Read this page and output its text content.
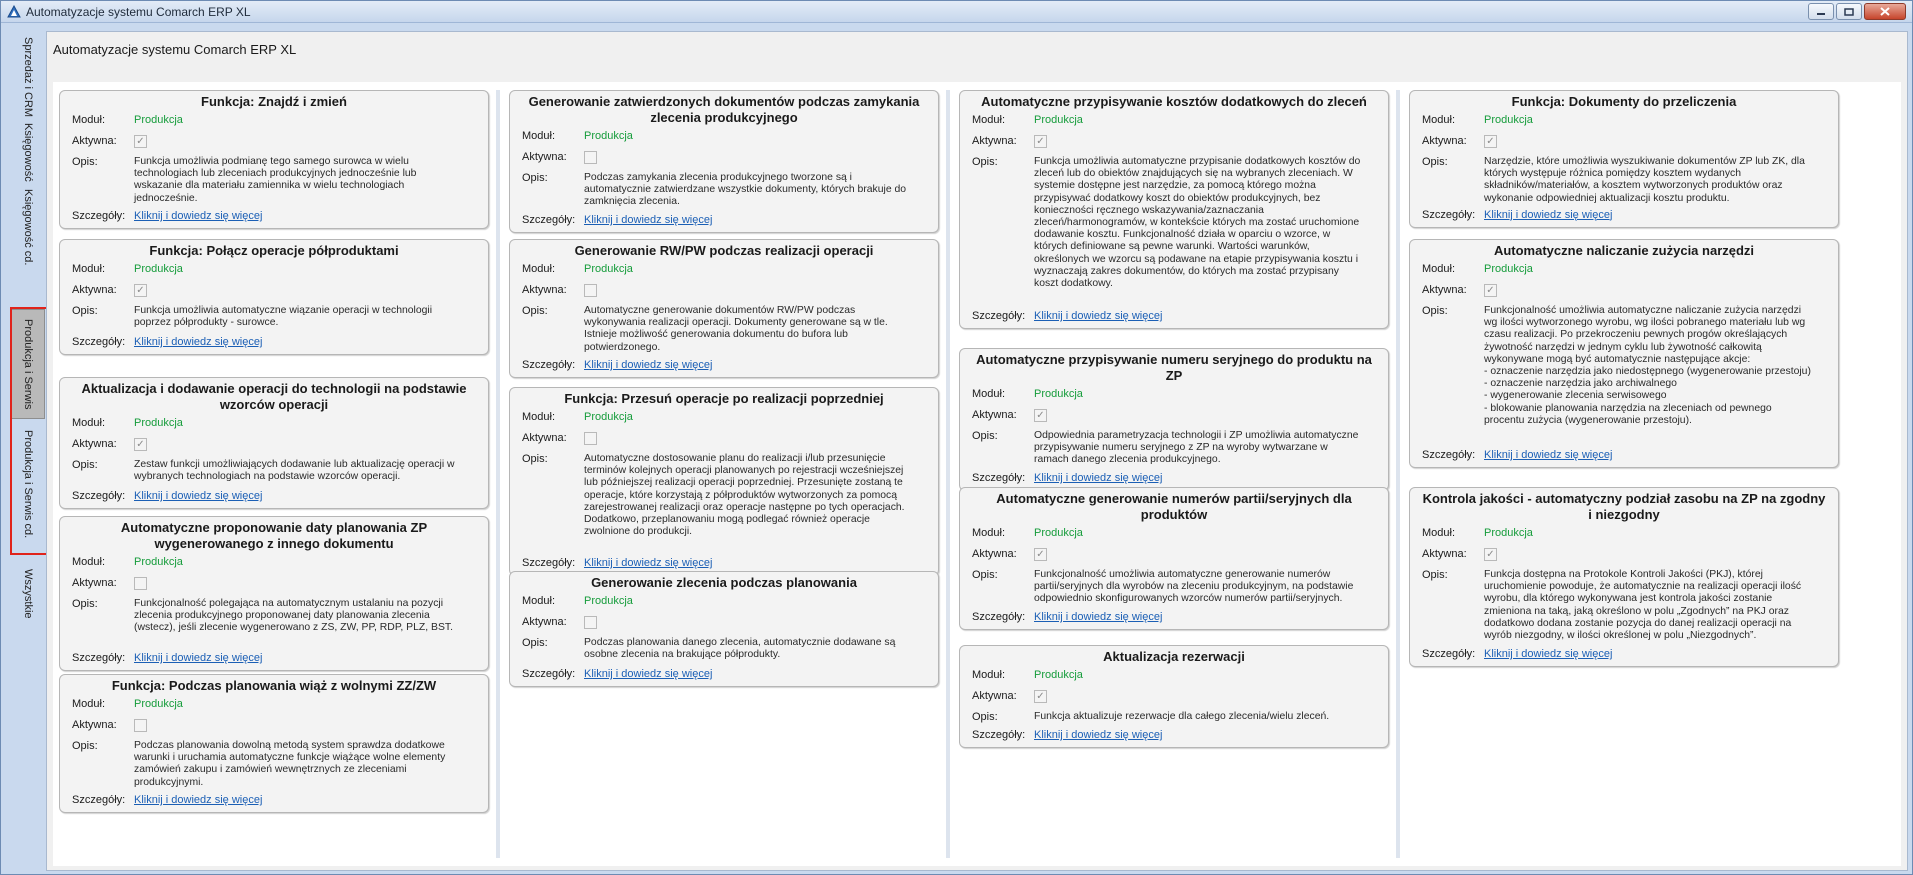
Automatyzacje systemu Comarch ERP XL
Sprzedaż i CRM
Księgowość
Księgowość cd.
Produkcja i Serwis
Produkcja i Serwis cd.
Wszystkie
Automatyzacje systemu Comarch ERP XL
Funkcja: Znajdź i zmień
Moduł:	Produkcja
Aktywna:	✓
Opis:	Funkcja umożliwia podmianę tego samego surowca w wielu technologiach lub zleceniach produkcyjnych jednocześnie lub wskazanie dla materiału zamiennika w wielu technologiach jednocześnie.
Szczegóły: Kliknij i dowiedz się więcej
Funkcja: Połącz operacje półproduktami
Moduł:	Produkcja
Aktywna:	✓
Opis:	Funkcja umożliwia automatyczne wiązanie operacji w technologii poprzez półprodukty - surowce.
Szczegóły: Kliknij i dowiedz się więcej
Aktualizacja i dodawanie operacji do technologii na podstawie wzorców operacji
Moduł:	Produkcja
Aktywna:	✓
Opis:	Zestaw funkcji umożliwiających dodawanie lub aktualizację operacji w wybranych technologiach na podstawie wzorców operacji.
Szczegóły: Kliknij i dowiedz się więcej
Automatyczne proponowanie daty planowania ZP wygenerowanego z innego dokumentu
Moduł:	Produkcja
Aktywna:
Opis:	Funkcjonalność polegająca na automatycznym ustalaniu na pozycji zlecenia produkcyjnego proponowanej daty planowania zlecenia (wstecz), jeśli zlecenie wygenerowano z ZS, ZW, PP, RDP, PLZ, BST.
Szczegóły: Kliknij i dowiedz się więcej
Funkcja: Podczas planowania wiąż z wolnymi ZZ/ZW
Moduł:	Produkcja
Aktywna:
Opis:	Podczas planowania dowolną metodą system sprawdza dodatkowe warunki i uruchamia automatyczne funkcje wiążące wolne elementy zamówień zakupu i zamówień wewnętrznych ze zleceniami produkcyjnymi.
Szczegóły: Kliknij i dowiedz się więcej
Generowanie zatwierdzonych dokumentów podczas zamykania zlecenia produkcyjnego
Moduł:	Produkcja
Aktywna:
Opis:	Podczas zamykania zlecenia produkcyjnego tworzone są i automatycznie zatwierdzane wszystkie dokumenty, których brakuje do zamknięcia zlecenia.
Szczegóły: Kliknij i dowiedz się więcej
Generowanie RW/PW podczas realizacji operacji
Moduł:	Produkcja
Aktywna:
Opis:	Automatyczne generowanie dokumentów RW/PW podczas wykonywania realizacji operacji. Dokumenty generowane są w tle. Istnieje możliwość generowania dokumentu do bufora lub potwierdzonego.
Szczegóły: Kliknij i dowiedz się więcej
Funkcja: Przesuń operacje po realizacji poprzedniej
Moduł:	Produkcja
Aktywna:
Opis:	Automatyczne dostosowanie planu do realizacji i/lub przesunięcie terminów kolejnych operacji planowanych po rejestracji wcześniejszej lub późniejszej realizacji operacji poprzedniej. Przesunięte zostaną te operacje, które korzystają z półproduktów wytworzonych za pomocą zarejestrowanej realizacji oraz operacje następne po tych operacjach. Dodatkowo, przeplanowaniu mogą podlegać również operacje zwolnione do produkcji.
Szczegóły: Kliknij i dowiedz się więcej
Generowanie zlecenia podczas planowania
Moduł:	Produkcja
Aktywna:
Opis:	Podczas planowania danego zlecenia, automatycznie dodawane są osobne zlecenia na brakujące półprodukty.
Szczegóły: Kliknij i dowiedz się więcej
Automatyczne przypisywanie kosztów dodatkowych do zleceń
Moduł:	Produkcja
Aktywna:	✓
Opis:	Funkcja umożliwia automatyczne przypisanie dodatkowych kosztów do zleceń lub do obiektów znajdujących się na wybranych zleceniach. W systemie dostępne jest narzędzie, za pomocą którego można przypisywać dodatkowy koszt do obiektów produkcyjnych, bez konieczności ręcznego wskazywania/zaznaczania zleceń/harmonogramów, w kontekście których ma zostać uruchomione dodawanie kosztu. Funkcjonalność działa w oparciu o wzorce, w których definiowane są pewne warunki. Wartości warunków, określonych we wzorcu są podawane na etapie przypisywania kosztu i wyznaczają zakres dokumentów, do których ma zostać przypisany koszt dodatkowy.
Szczegóły: Kliknij i dowiedz się więcej
Automatyczne przypisywanie numeru seryjnego do produktu na ZP
Moduł:	Produkcja
Aktywna:	✓
Opis:	Odpowiednia parametryzacja technologii i ZP umożliwia automatyczne przypisywanie numeru seryjnego z ZP na wyroby wytwarzane w ramach danego zlecenia produkcyjnego.
Szczegóły: Kliknij i dowiedz się więcej
Automatyczne generowanie numerów partii/seryjnych dla produktów
Moduł:	Produkcja
Aktywna:	✓
Opis:	Funkcjonalność umożliwia automatyczne generowanie numerów partii/seryjnych dla wyrobów na zleceniu produkcyjnym, na podstawie odpowiednio skonfigurowanych wzorców numerów partii/seryjnych.
Szczegóły: Kliknij i dowiedz się więcej
Aktualizacja rezerwacji
Moduł:	Produkcja
Aktywna:	✓
Opis:	Funkcja aktualizuje rezerwacje dla całego zlecenia/wielu zleceń.
Szczegóły: Kliknij i dowiedz się więcej
Funkcja: Dokumenty do przeliczenia
Moduł:	Produkcja
Aktywna:	✓
Opis:	Narzędzie, które umożliwia wyszukiwanie dokumentów ZP lub ZK, dla których występuje różnica pomiędzy kosztem wydanych składników/materiałów, a kosztem wytworzonych produktów oraz wykonanie odpowiedniej aktualizacji kosztu produktu.
Szczegóły: Kliknij i dowiedz się więcej
Automatyczne naliczanie zużycia narzędzi
Moduł:	Produkcja
Aktywna:	✓
Opis:	Funkcjonalność umożliwia automatyczne naliczanie zużycia narzędzi wg ilości wytworzonego wyrobu, wg ilości pobranego materiału lub wg czasu realizacji. Po przekroczeniu pewnych progów określających żywotność narzędzi w jednym cyklu lub żywotność całkowitą wykonywane mogą być automatycznie następujące akcje:
- oznaczenie narzędzia jako niedostępnego (wygenerowanie przestoju)
- oznaczenie narzędzia jako archiwalnego
- wygenerowanie zlecenia serwisowego
- blokowanie planowania narzędzia na zleceniach od pewnego procentu zużycia (wygenerowanie przestoju).
Szczegóły: Kliknij i dowiedz się więcej
Kontrola jakości - automatyczny podział zasobu na ZP na zgodny i niezgodny
Moduł:	Produkcja
Aktywna:	✓
Opis:	Funkcja dostępna na Protokole Kontroli Jakości (PKJ), której uruchomienie powoduje, że automatycznie na realizacji operacji ilość wyrobu, dla którego wykonywana jest kontrola jakości zostanie zmieniona na taką, jaką określono w polu „Zgodnych” na PKJ oraz dodatkowo dodana zostanie pozycja do danej realizacji operacji na wyrób niezgodny, w ilości określonej w polu „Niezgodnych”.
Szczegóły: Kliknij i dowiedz się więcej
